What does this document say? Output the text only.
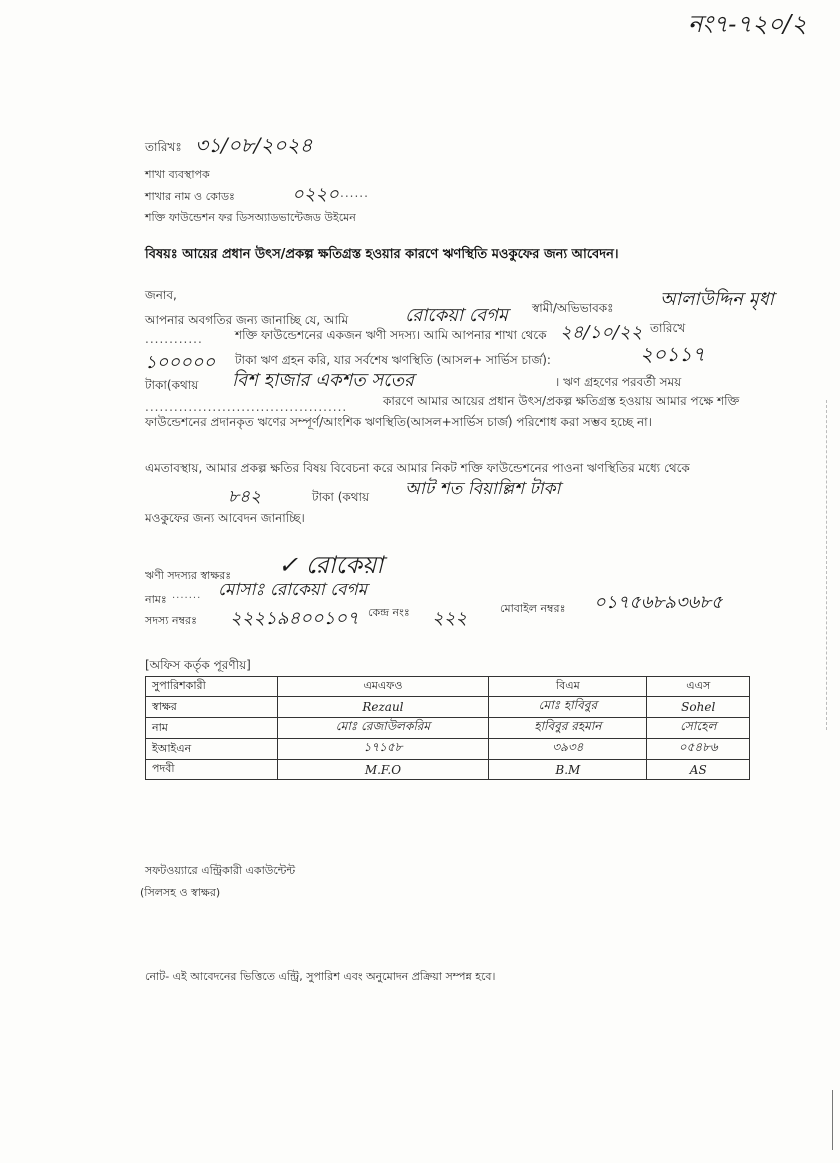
নং৭-৭২০/২
তারিখঃ ৩১/০৮/২০২৪
শাখা ব্যবস্থাপক
শাখার নাম ও কোডঃ	০২২০ ......
শক্তি ফাউন্ডেশন ফর ডিসঅ্যাডভান্টেজড উইমেন
বিষয়ঃ আয়ের প্রধান উৎস/প্রকল্প ক্ষতিগ্রস্ত হওয়ার কারণে ঋণস্থিতি মওকুফের জন্য আবেদন।
জনাব,
আপনার অবগতির জন্য জানাচ্ছি যে, আমি	রোকেয়া বেগম স্বামী/অভিভাবকঃ	আলাউদ্দিন মৃধা
............	শক্তি ফাউন্ডেশনের একজন ঋণী সদস্য। আমি আপনার শাখা থেকে ২৪/১০/২২ তারিখে
১০০০০০ টাকা ঋণ গ্রহন করি, যার সর্বশেষ ঋণস্থিতি (আসল+ সার্ভিস চার্জ):	২০১১৭
টাকা(কথায় বিশ হাজার একশত সতের	। ঋণ গ্রহণের পরবর্তী সময়
..........................................	কারণে আমার আয়ের প্রধান উৎস/প্রকল্প ক্ষতিগ্রস্ত হওয়ায় আমার পক্ষে শক্তি ফাউন্ডেশনের প্রদানকৃত ঋণের সম্পূর্ণ/আংশিক ঋণস্থিতি(আসল+সার্ভিস চার্জ) পরিশোধ করা সম্ভব হচ্ছে না।
এমতাবস্থায়, আমার প্রকল্প ক্ষতির বিষয় বিবেচনা করে আমার নিকট শক্তি ফাউন্ডেশনের পাওনা ঋণস্থিতির মধ্যে থেকে
৮৪২	টাকা (কথায় আট শত বিয়াল্লিশ টাকা
মওকুফের জন্য আবেদন জানাচ্ছি।
ঋণী সদস্যর স্বাক্ষরঃ ✓ রোকেয়া
নামঃ ....... মোসাঃ রোকেয়া বেগম
সদস্য নম্বরঃ ২২২১৯৪০০১০৭ কেন্দ্র নংঃ ২২২	মোবাইল নম্বরঃ ০১৭৫৬৮৯৩৬৮৫
[অফিস কর্তৃক পূরণীয়]
সুপারিশকারী	এমএফও	বিএম	এএস
স্বাক্ষর	Rezaul	মোঃ হাবিবুর	Sohel
নাম	মোঃ রেজাউলকরিম	হাবিবুর রহমান	সোহেল
ইআইএন	১৭১৫৮	৩৯৩৪	০৫৪৮৬
পদবী	M.F.O	B.M	AS
সফটওয়্যারে এন্ট্রিকারী একাউন্টেন্ট
(সিলসহ ও স্বাক্ষর)
নোট- এই আবেদনের ভিত্তিতে এন্ট্রি, সুপারিশ এবং অনুমোদন প্রক্রিয়া সম্পন্ন হবে।
